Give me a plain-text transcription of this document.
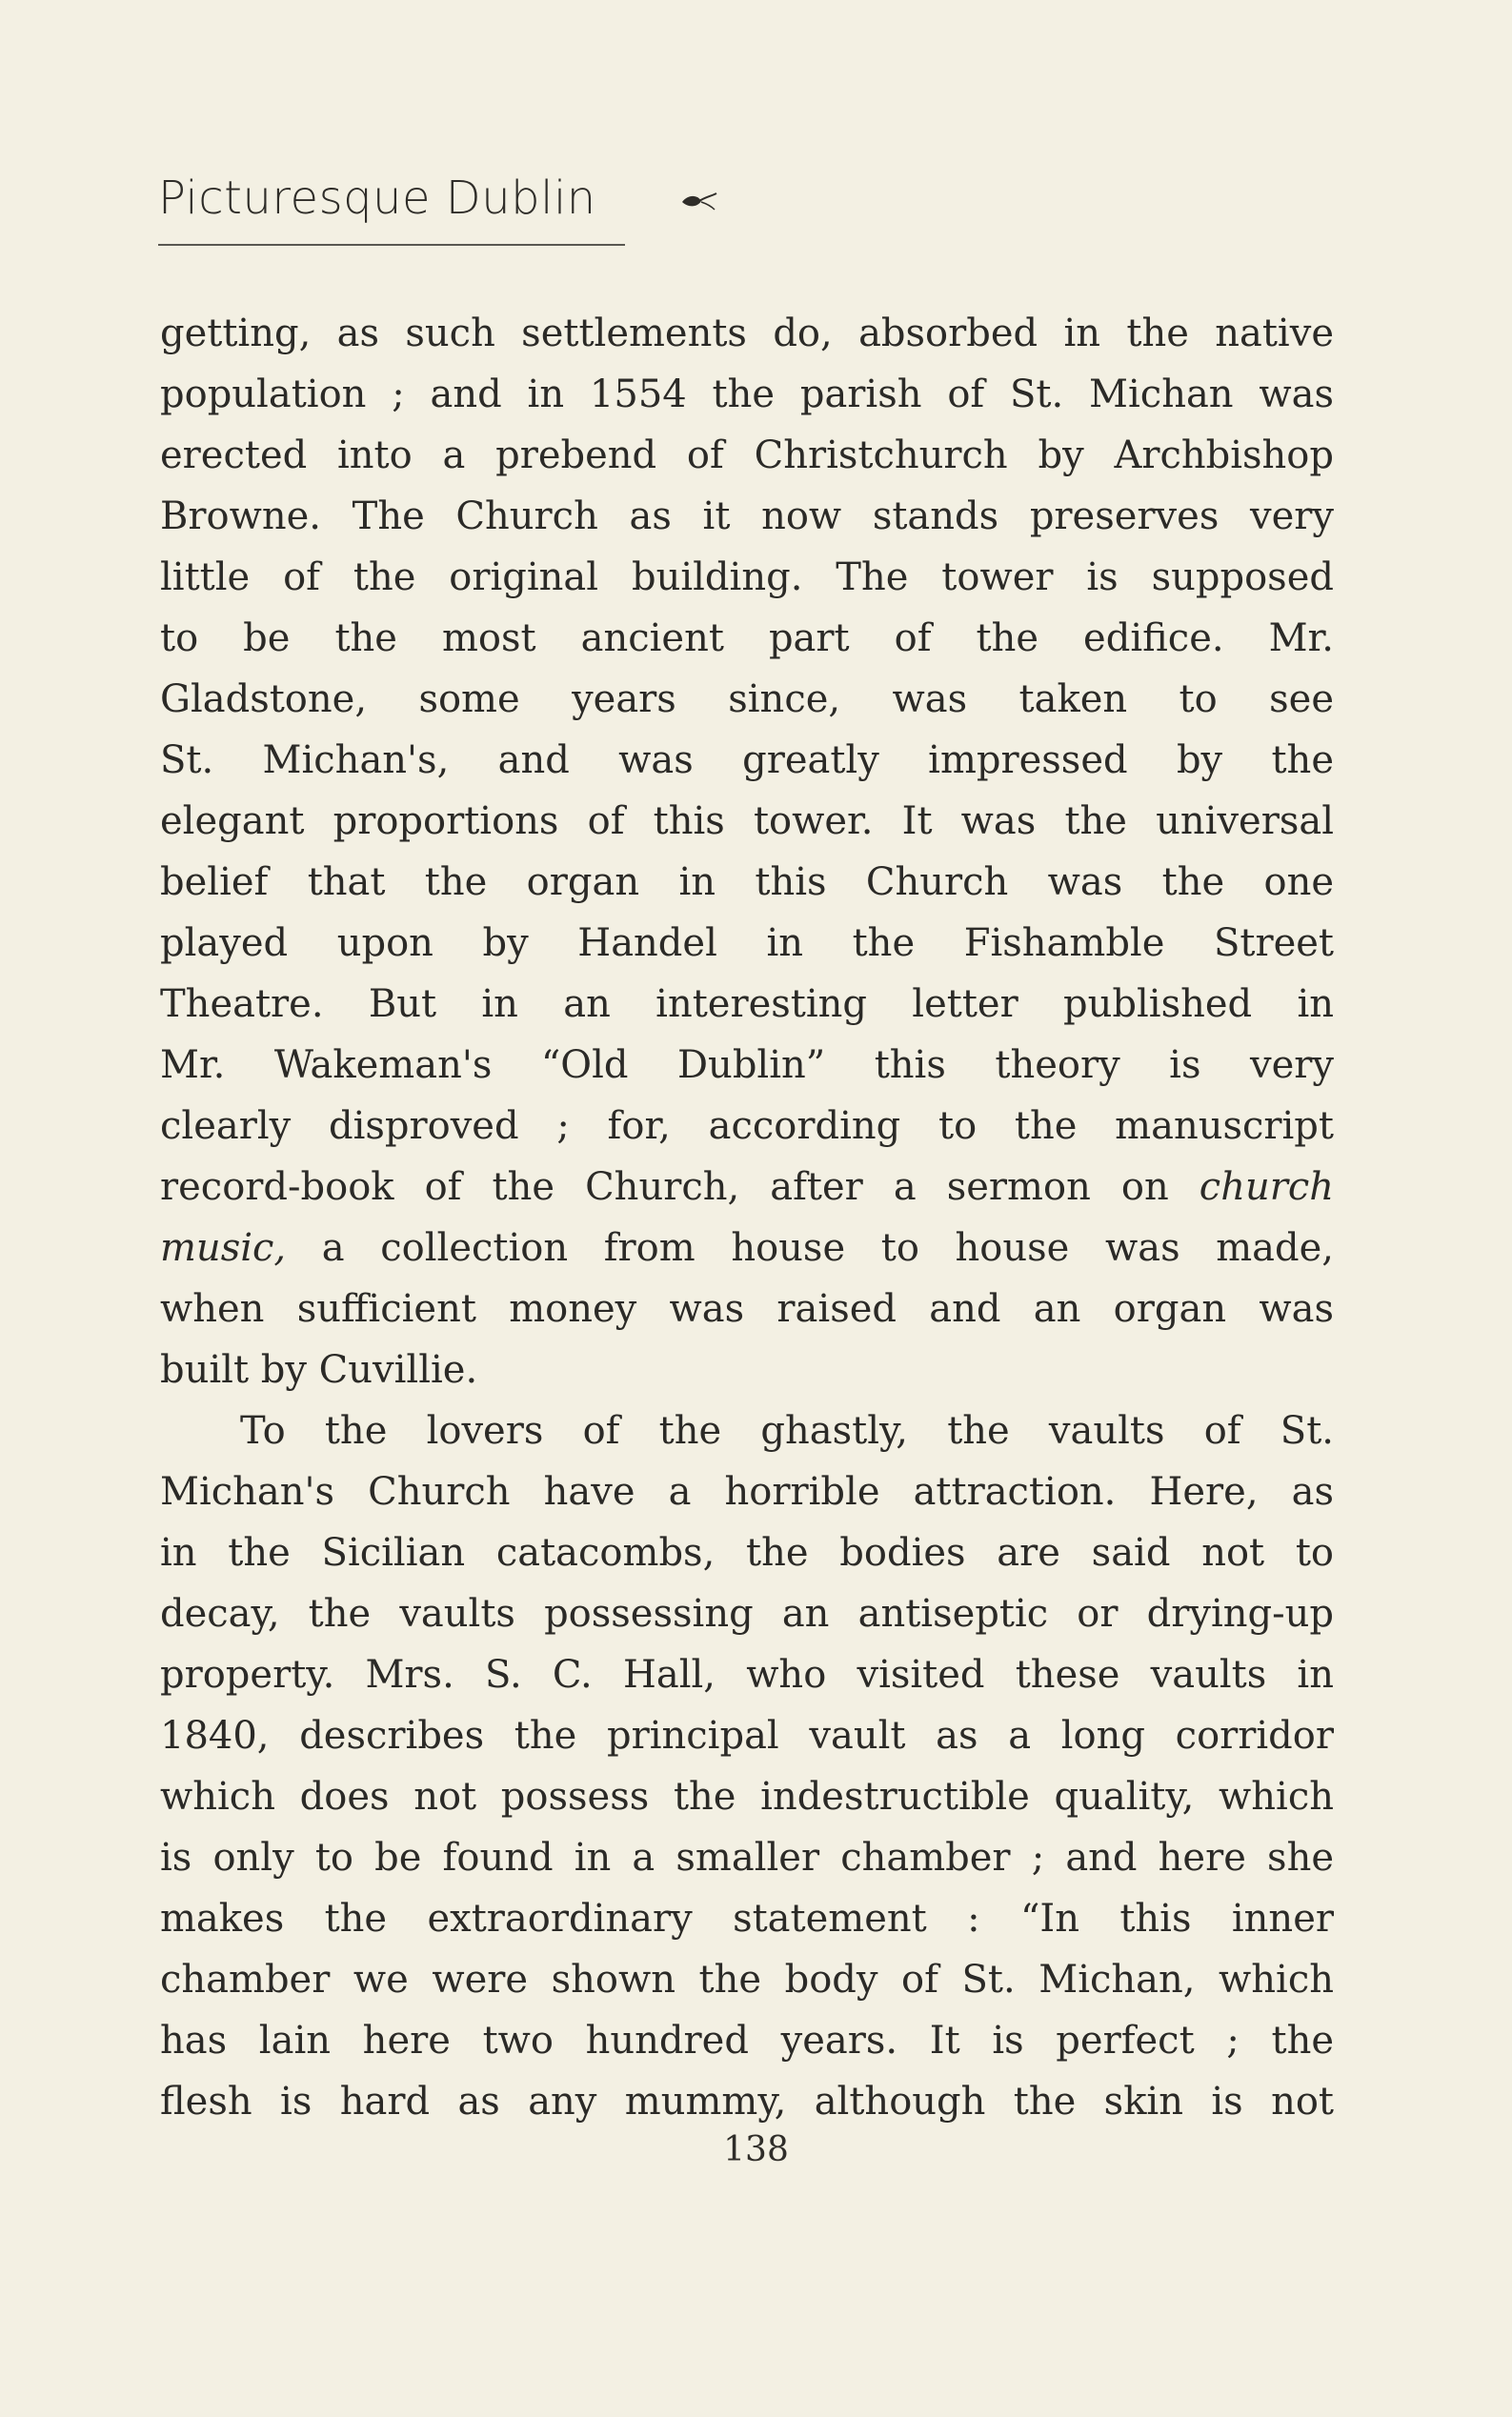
Picturesque Dublin
getting, as such settlements do, absorbed in the native
population ; and in 1554 the parish of St. Michan was
erected into a prebend of Christchurch by Archbishop
Browne. The Church as it now stands preserves very
little of the original building. The tower is supposed
to be the most ancient part of the edifice. Mr.
Gladstone, some years since, was taken to see
St. Michan's, and was greatly impressed by the
elegant proportions of this tower. It was the universal
belief that the organ in this Church was the one
played upon by Handel in the Fishamble Street
Theatre. But in an interesting letter published in
Mr. Wakeman's “Old Dublin” this theory is very
clearly disproved ; for, according to the manuscript
record-book of the Church, after a sermon on church
music, a collection from house to house was made,
when sufficient money was raised and an organ was
built by Cuvillie.
To the lovers of the ghastly, the vaults of St.
Michan's Church have a horrible attraction. Here, as
in the Sicilian catacombs, the bodies are said not to
decay, the vaults possessing an antiseptic or drying-up
property. Mrs. S. C. Hall, who visited these vaults in
1840, describes the principal vault as a long corridor
which does not possess the indestructible quality, which
is only to be found in a smaller chamber ; and here she
makes the extraordinary statement : “In this inner
chamber we were shown the body of St. Michan, which
has lain here two hundred years. It is perfect ; the
flesh is hard as any mummy, although the skin is not
138
